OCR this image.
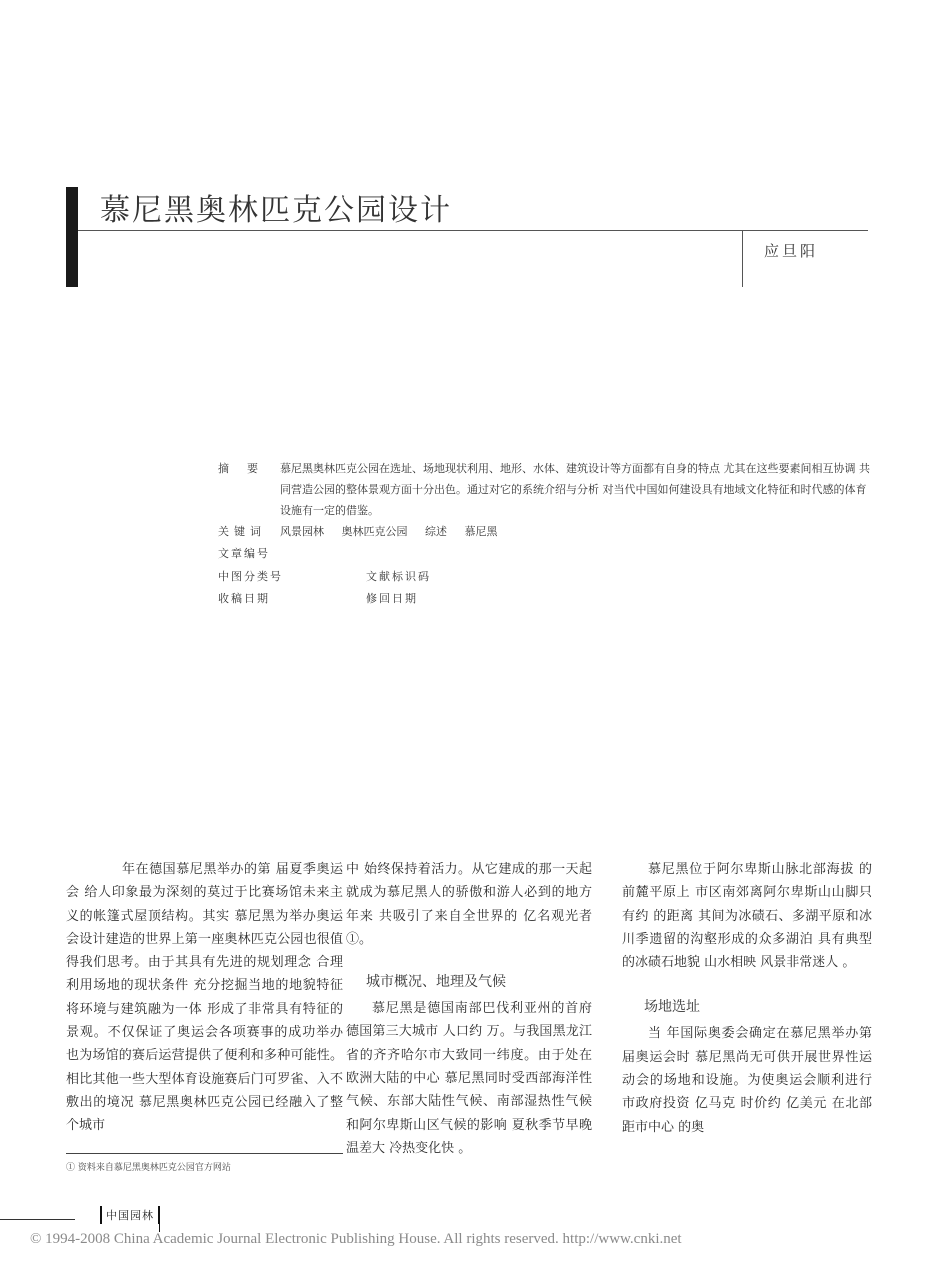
慕尼黑奥林匹克公园设计
应旦阳
摘要 慕尼黑奥林匹克公园在选址、场地现状利用、地形、水体、建筑设计等方面都有自身的特点 尤其在这些要素间相互协调 共同营造公园的整体景观方面十分出色。通过对它的系统介绍与分析 对当代中国如何建设具有地域文化特征和时代感的体育设施有一定的借鉴。
关键词 风景园林 奥林匹克公园 综述 慕尼黑
文章编号
中图分类号	文献标识码
收稿日期	修回日期

年在德国慕尼黑举办的第 届夏季奥运会 给人印象最为深刻的莫过于比赛场馆未来主义的帐篷式屋顶结构。其实 慕尼黑为举办奥运会设计建造的世界上第一座奥林匹克公园也很值得我们思考。由于其具有先进的规划理念 合理利用场地的现状条件 充分挖掘当地的地貌特征 将环境与建筑融为一体 形成了非常具有特征的景观。不仅保证了奥运会各项赛事的成功举办 也为场馆的赛后运营提供了便利和多种可能性。相比其他一些大型体育设施赛后门可罗雀、入不敷出的境况 慕尼黑奥林匹克公园已经融入了整个城市

中 始终保持着活力。从它建成的那一天起 就成为慕尼黑人的骄傲和游人必到的地方 年来 共吸引了来自全世界的 亿名观光者①。

城市概况、地理及气候

慕尼黑是德国南部巴伐利亚州的首府 德国第三大城市 人口约 万。与我国黑龙江省的齐齐哈尔市大致同一纬度。由于处在欧洲大陆的中心 慕尼黑同时受西部海洋性气候、东部大陆性气候、南部湿热性气候和阿尔卑斯山区气候的影响 夏秋季节早晚温差大 冷热变化快 。

慕尼黑位于阿尔卑斯山脉北部海拔 的前麓平原上 市区南郊离阿尔卑斯山山脚只有约 的距离 其间为冰碛石、多湖平原和冰川季遗留的沟壑形成的众多湖泊 具有典型的冰碛石地貌 山水相映 风景非常迷人 。

场地选址

当 年国际奥委会确定在慕尼黑举办第 届奥运会时 慕尼黑尚无可供开展世界性运动会的场地和设施。为使奥运会顺利进行 市政府投资 亿马克 时价约 亿美元 在北部距市中心 的奥

① 资料来自慕尼黑奥林匹克公园官方网站
中国园林
© 1994-2008 China Academic Journal Electronic Publishing House. All rights reserved. http://www.cnki.net
